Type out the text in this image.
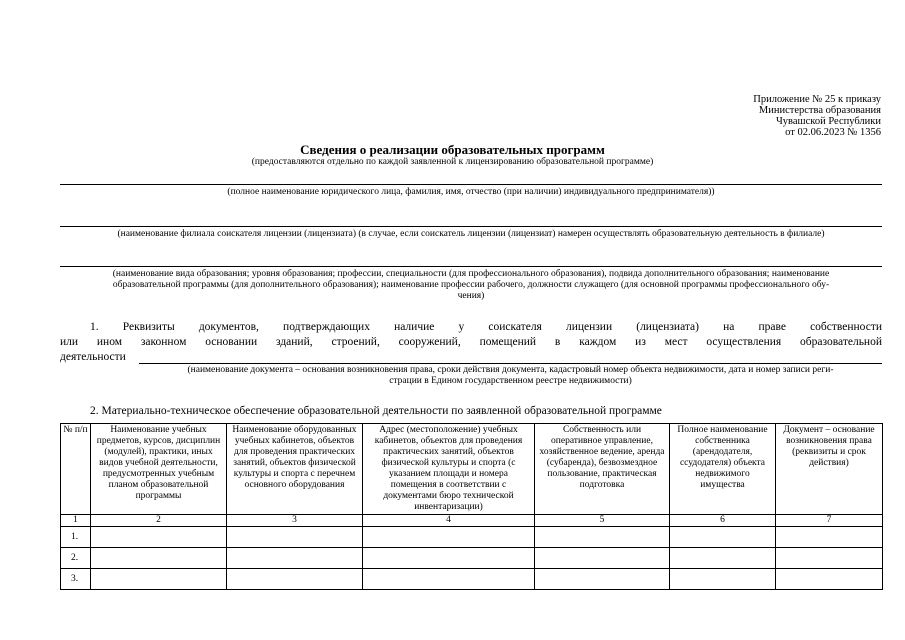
Приложение № 25 к приказу
Министерства образования
Чувашской Республики
от 02.06.2023 № 1356
Сведения о реализации образовательных программ
(предоставляются отдельно по каждой заявленной к лицензированию образовательной программе)
(полное наименование юридического лица, фамилия, имя, отчество (при наличии) индивидуального предпринимателя))
(наименование филиала соискателя лицензии (лицензиата) (в случае, если соискатель лицензии (лицензиат) намерен осуществлять образовательную деятельность в филиале)
(наименование вида образования; уровня образования; профессии, специальности (для профессионального образования), подвида дополнительного образования; наименование
образовательной программы (для дополнительного образования); наименование профессии рабочего, должности служащего (для основной программы профессионального обу-
чения)
1. Реквизиты документов, подтверждающих наличие у соискателя лицензии (лицензиата) на праве собственности
или ином законном основании зданий, строений, сооружений, помещений в каждом из мест осуществления образовательной
деятельности
(наименование документа – основания возникновения права, сроки действия документа, кадастровый номер объекта недвижимости, дата и номер записи реги-
страции в Едином государственном реестре недвижимости)
2. Материально-техническое обеспечение образовательной деятельности по заявленной образовательной программе
№ п/п	Наименование учебных предметов, курсов, дисциплин (модулей), практики, иных видов учебной деятельности, предусмотренных учебным планом образовательной программы	Наименование оборудованных учебных кабинетов, объектов для проведения практических занятий, объектов физической культуры и спорта с перечнем основного оборудования	Адрес (местоположение) учебных кабинетов, объектов для проведения практических занятий, объектов физической культуры и спорта (с указанием площади и номера помещения в соответствии с документами бюро технической инвентаризации)	Собственность или оперативное управление, хозяйственное ведение, аренда (субаренда), безвозмездное пользование, практическая подготовка	Полное наименование собственника (арендодателя, ссудодателя) объекта недвижимого имущества	Документ – основание возникновения права (реквизиты и срок действия)
1	2	3	4	5	6	7
1.						
2.						
3.						
